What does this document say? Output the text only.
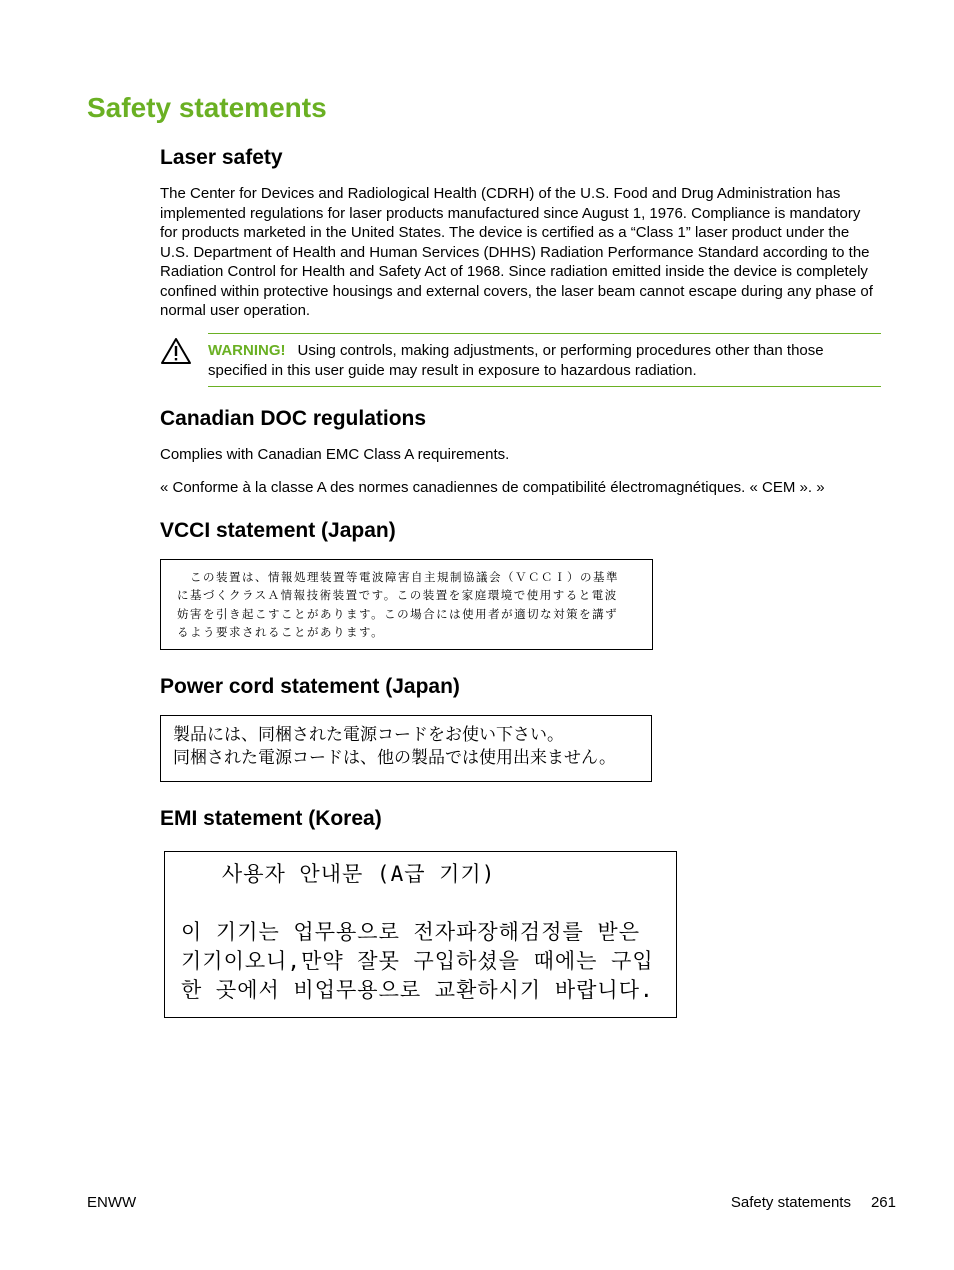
Safety statements
Laser safety

The Center for Devices and Radiological Health (CDRH) of the U.S. Food and Drug Administration has implemented regulations for laser products manufactured since August 1, 1976. Compliance is mandatory for products marketed in the United States. The device is certified as a “Class 1” laser product under the U.S. Department of Health and Human Services (DHHS) Radiation Performance Standard according to the Radiation Control for Health and Safety Act of 1968. Since radiation emitted inside the device is completely confined within protective housings and external covers, the laser beam cannot escape during any phase of normal user operation.

WARNING! Using controls, making adjustments, or performing procedures other than those specified in this user guide may result in exposure to hazardous radiation.

Canadian DOC regulations

Complies with Canadian EMC Class A requirements.

« Conforme à la classe A des normes canadiennes de compatibilité électromagnétiques. « CEM ». »

VCCI statement (Japan)

　この装置は、情報処理装置等電波障害自主規制協議会（ＶＣＣＩ）の基準
に基づくクラスＡ情報技術装置です。この装置を家庭環境で使用すると電波
妨害を引き起こすことがあります。この場合には使用者が適切な対策を講ず
るよう要求されることがあります。

Power cord statement (Japan)

製品には、同梱された電源コードをお使い下さい。
同梱された電源コードは、他の製品では使用出来ません。

EMI statement (Korea)

사용자 안내문 (A급 기기)

이 기기는 업무용으로 전자파장해검정를 받은
기기이오니,만약 잘못 구입하셨을 때에는 구입
한 곳에서 비업무용으로 교환하시기 바랍니다.

ENWW	Safety statements 261
